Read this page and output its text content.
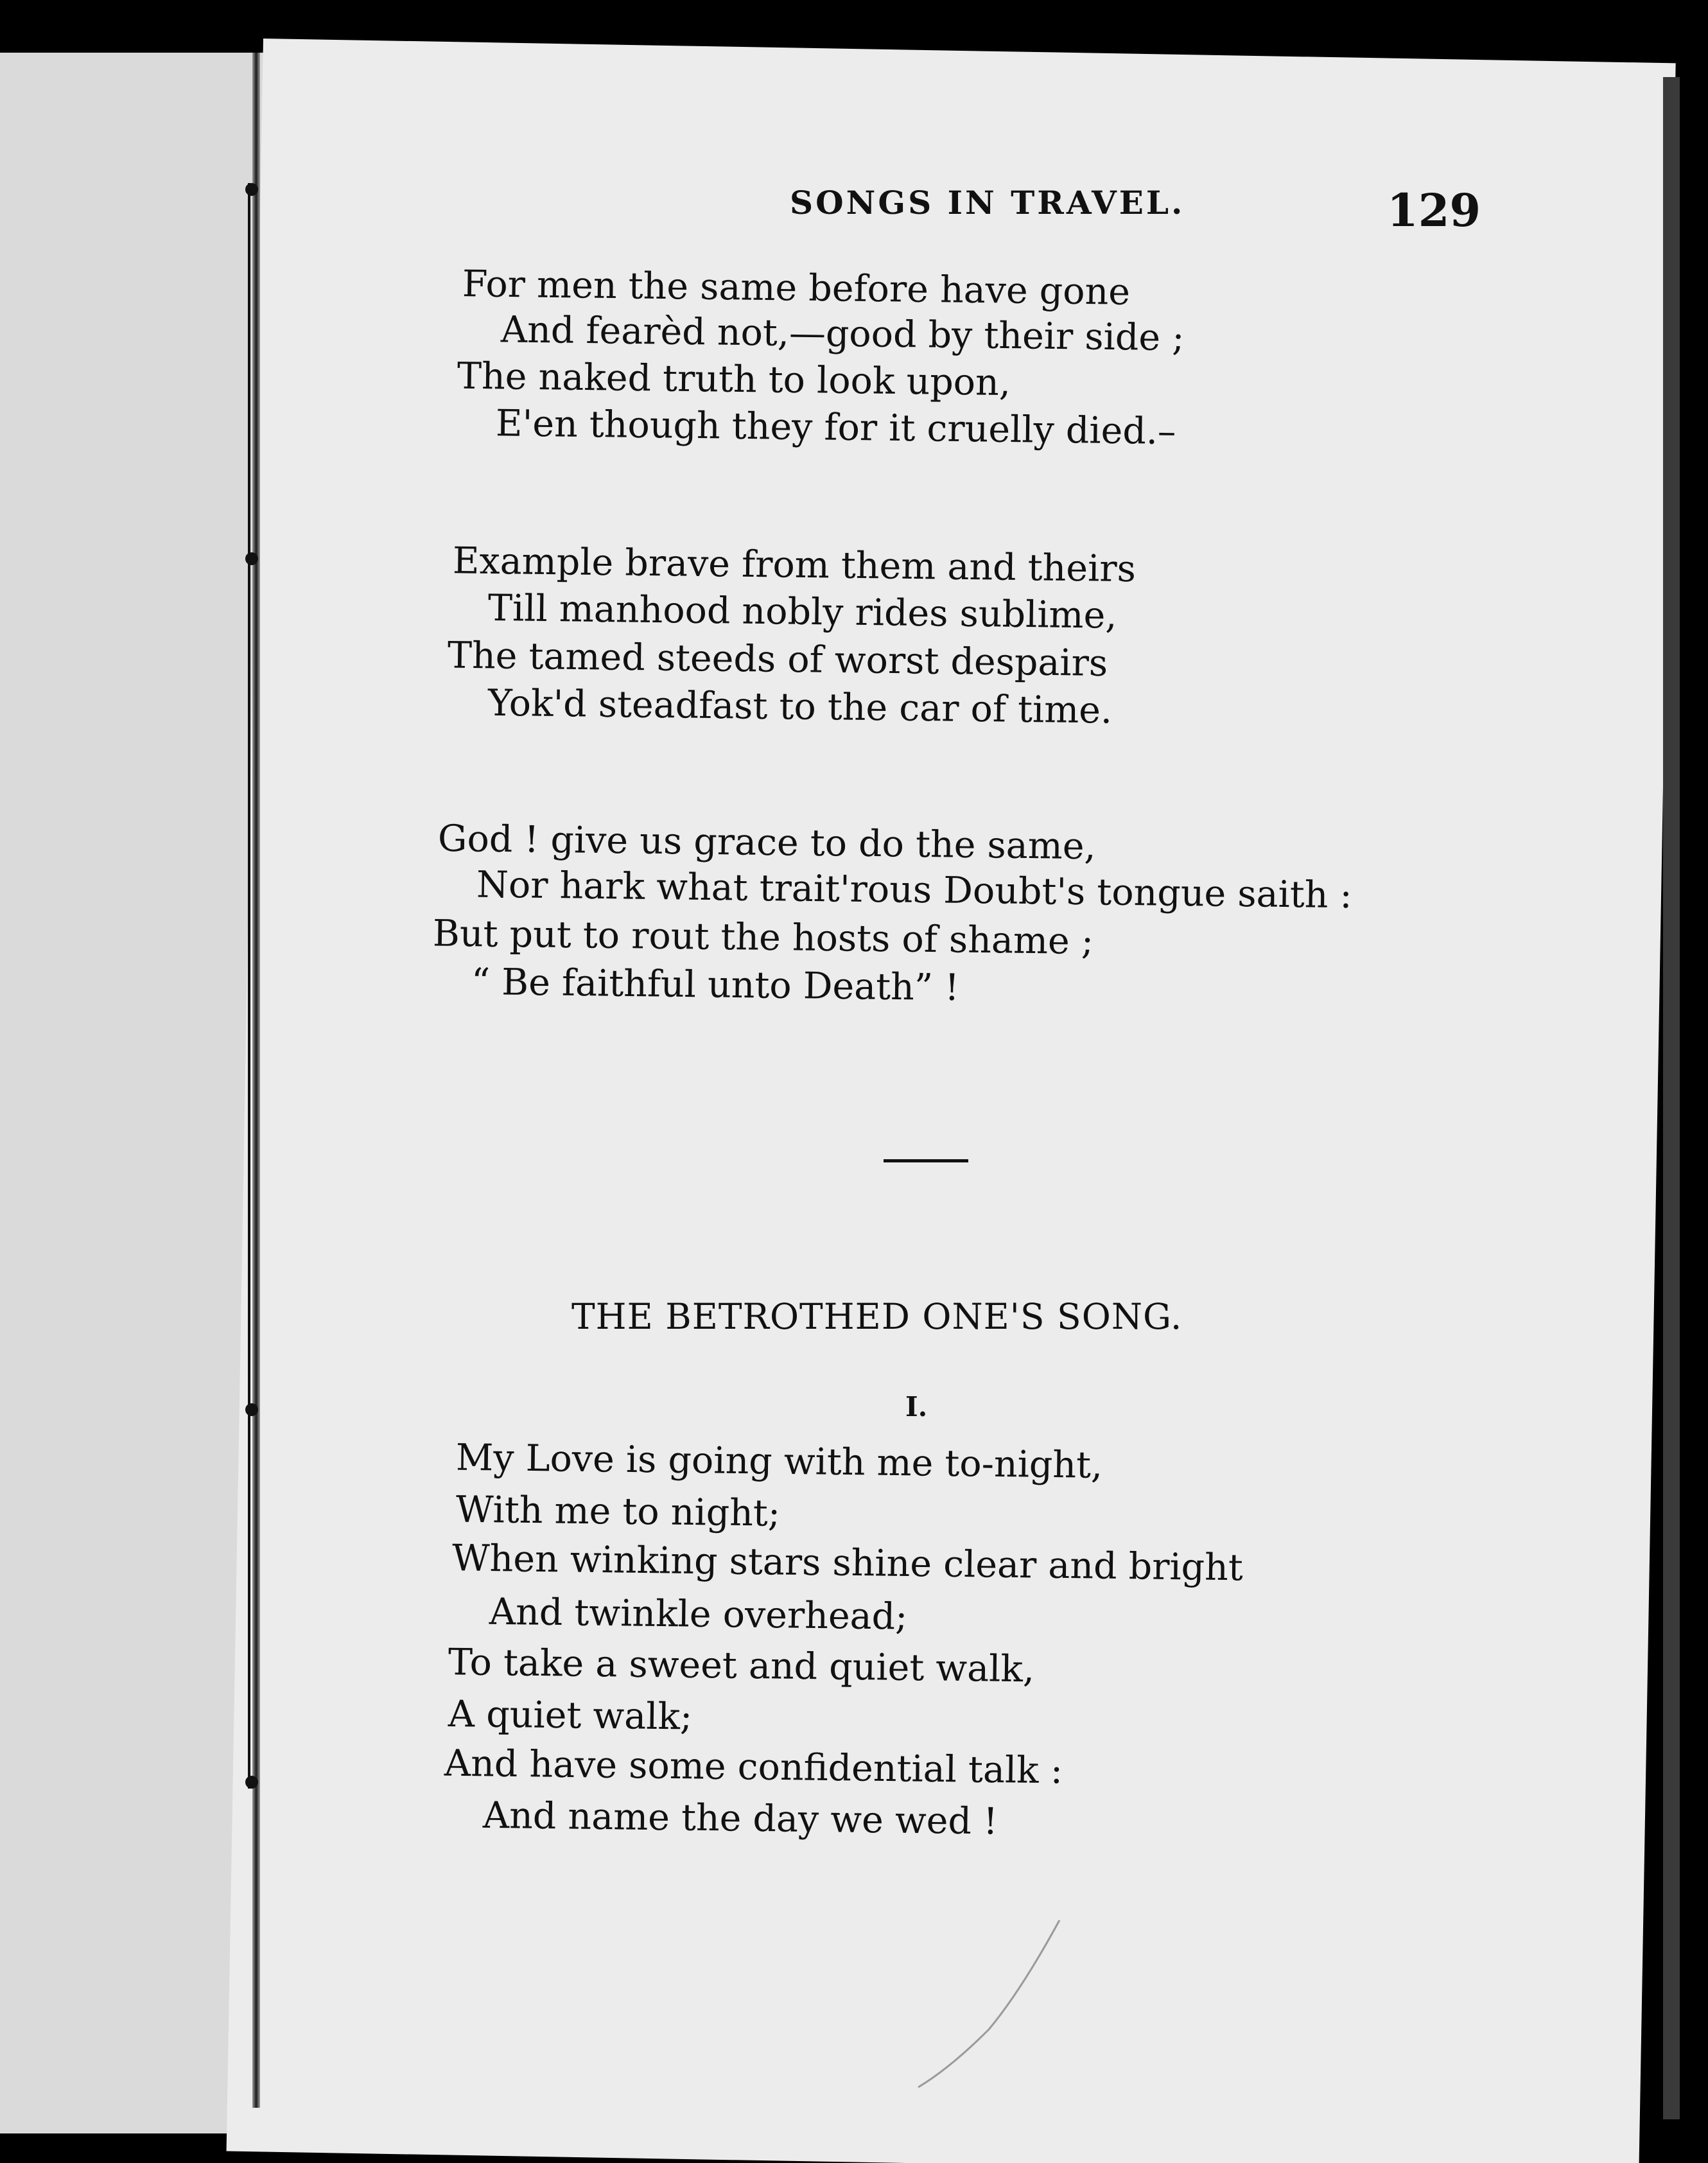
SONGS IN TRAVEL.	129
For men the same before have gone
And fearèd not,—good by their side ;
The naked truth to look upon,
E'en though they for it cruelly died.–
Example brave from them and theirs
Till manhood nobly rides sublime,
The tamed steeds of worst despairs
Yok'd steadfast to the car of time.
God ! give us grace to do the same,
Nor hark what trait'rous Doubt's tongue saith :
But put to rout the hosts of shame ;
“ Be faithful unto Death” !
THE BETROTHED ONE'S SONG.
I.
My Love is going with me to-night,
With me to night;
When winking stars shine clear and bright
And twinkle overhead;
To take a sweet and quiet walk,
A quiet walk;
And have some confidential talk :
And name the day we wed !
